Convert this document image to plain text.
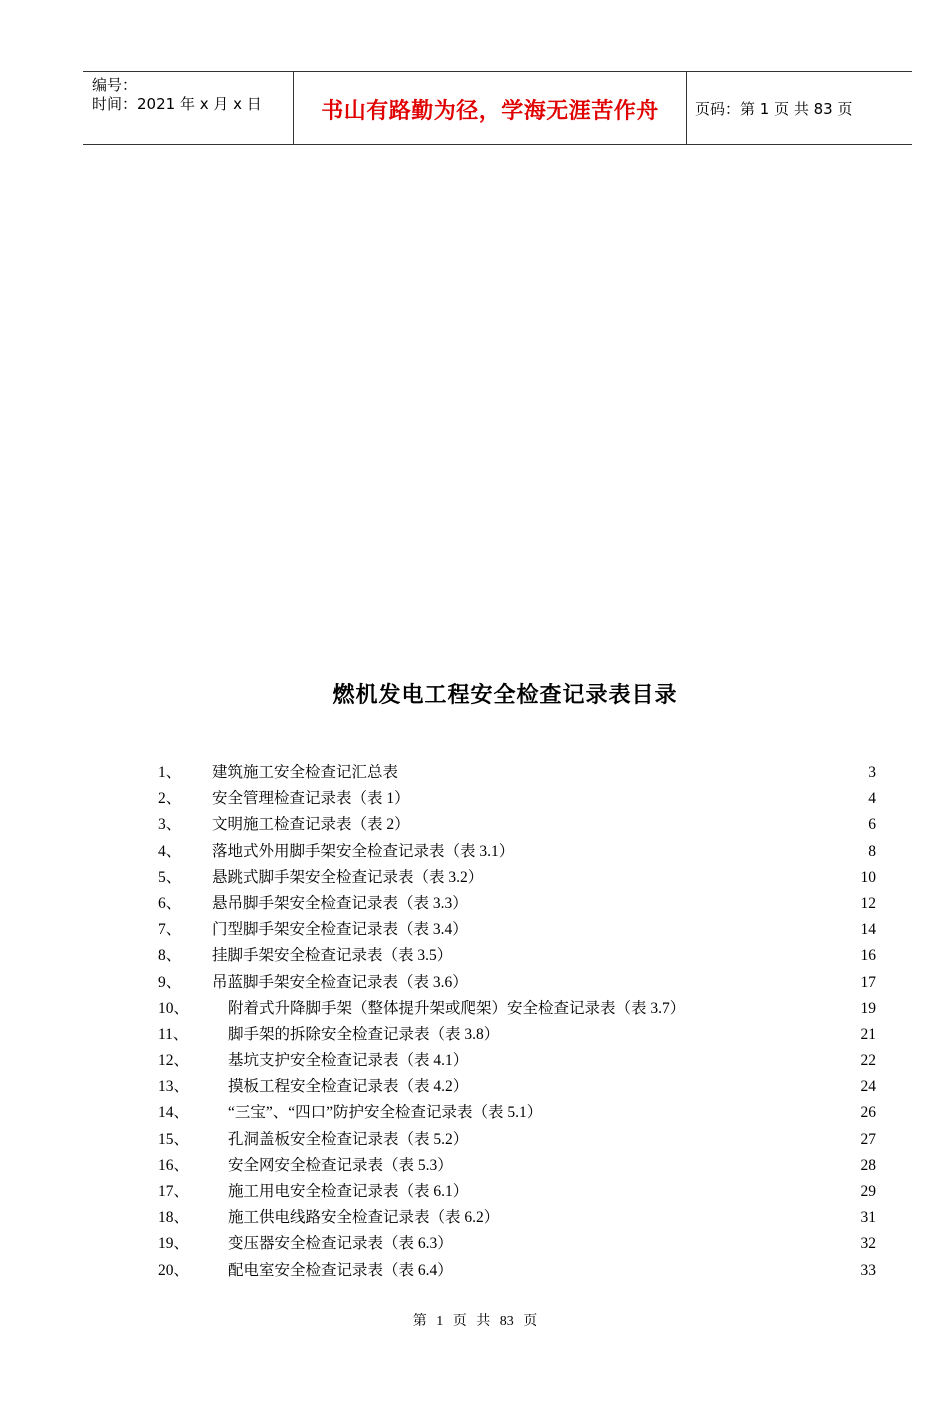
编号：
时间：2021 年 x 月 x 日	书山有路勤为径，学海无涯苦作舟	页码：第 1 页 共 83 页
燃机发电工程安全检查记录表目录
1、 建筑施工安全检查记汇总表	3
2、 安全管理检查记录表（表 1）	4
3、 文明施工检查记录表（表 2）	6
4、 落地式外用脚手架安全检查记录表（表 3.1）	8
5、 悬跳式脚手架安全检查记录表（表 3.2）	10
6、 悬吊脚手架安全检查记录表（表 3.3）	12
7、 门型脚手架安全检查记录表（表 3.4）	14
8、 挂脚手架安全检查记录表（表 3.5）	16
9、 吊蓝脚手架安全检查记录表（表 3.6）	17
10、	附着式升降脚手架（整体提升架或爬架）安全检查记录表（表 3.7）	19
11、	脚手架的拆除安全检查记录表（表 3.8）	21
12、	基坑支护安全检查记录表（表 4.1）	22
13、	摸板工程安全检查记录表（表 4.2）	24
14、	“三宝”、“四口”防护安全检查记录表（表 5.1）	26
15、	孔洞盖板安全检查记录表（表 5.2）	27
16、	安全网安全检查记录表（表 5.3）	28
17、	施工用电安全检查记录表（表 6.1）	29
18、	施工供电线路安全检查记录表（表 6.2）	31
19、	变压器安全检查记录表（表 6.3）	32
20、	配电室安全检查记录表（表 6.4）	33
第 1 页 共 83 页
